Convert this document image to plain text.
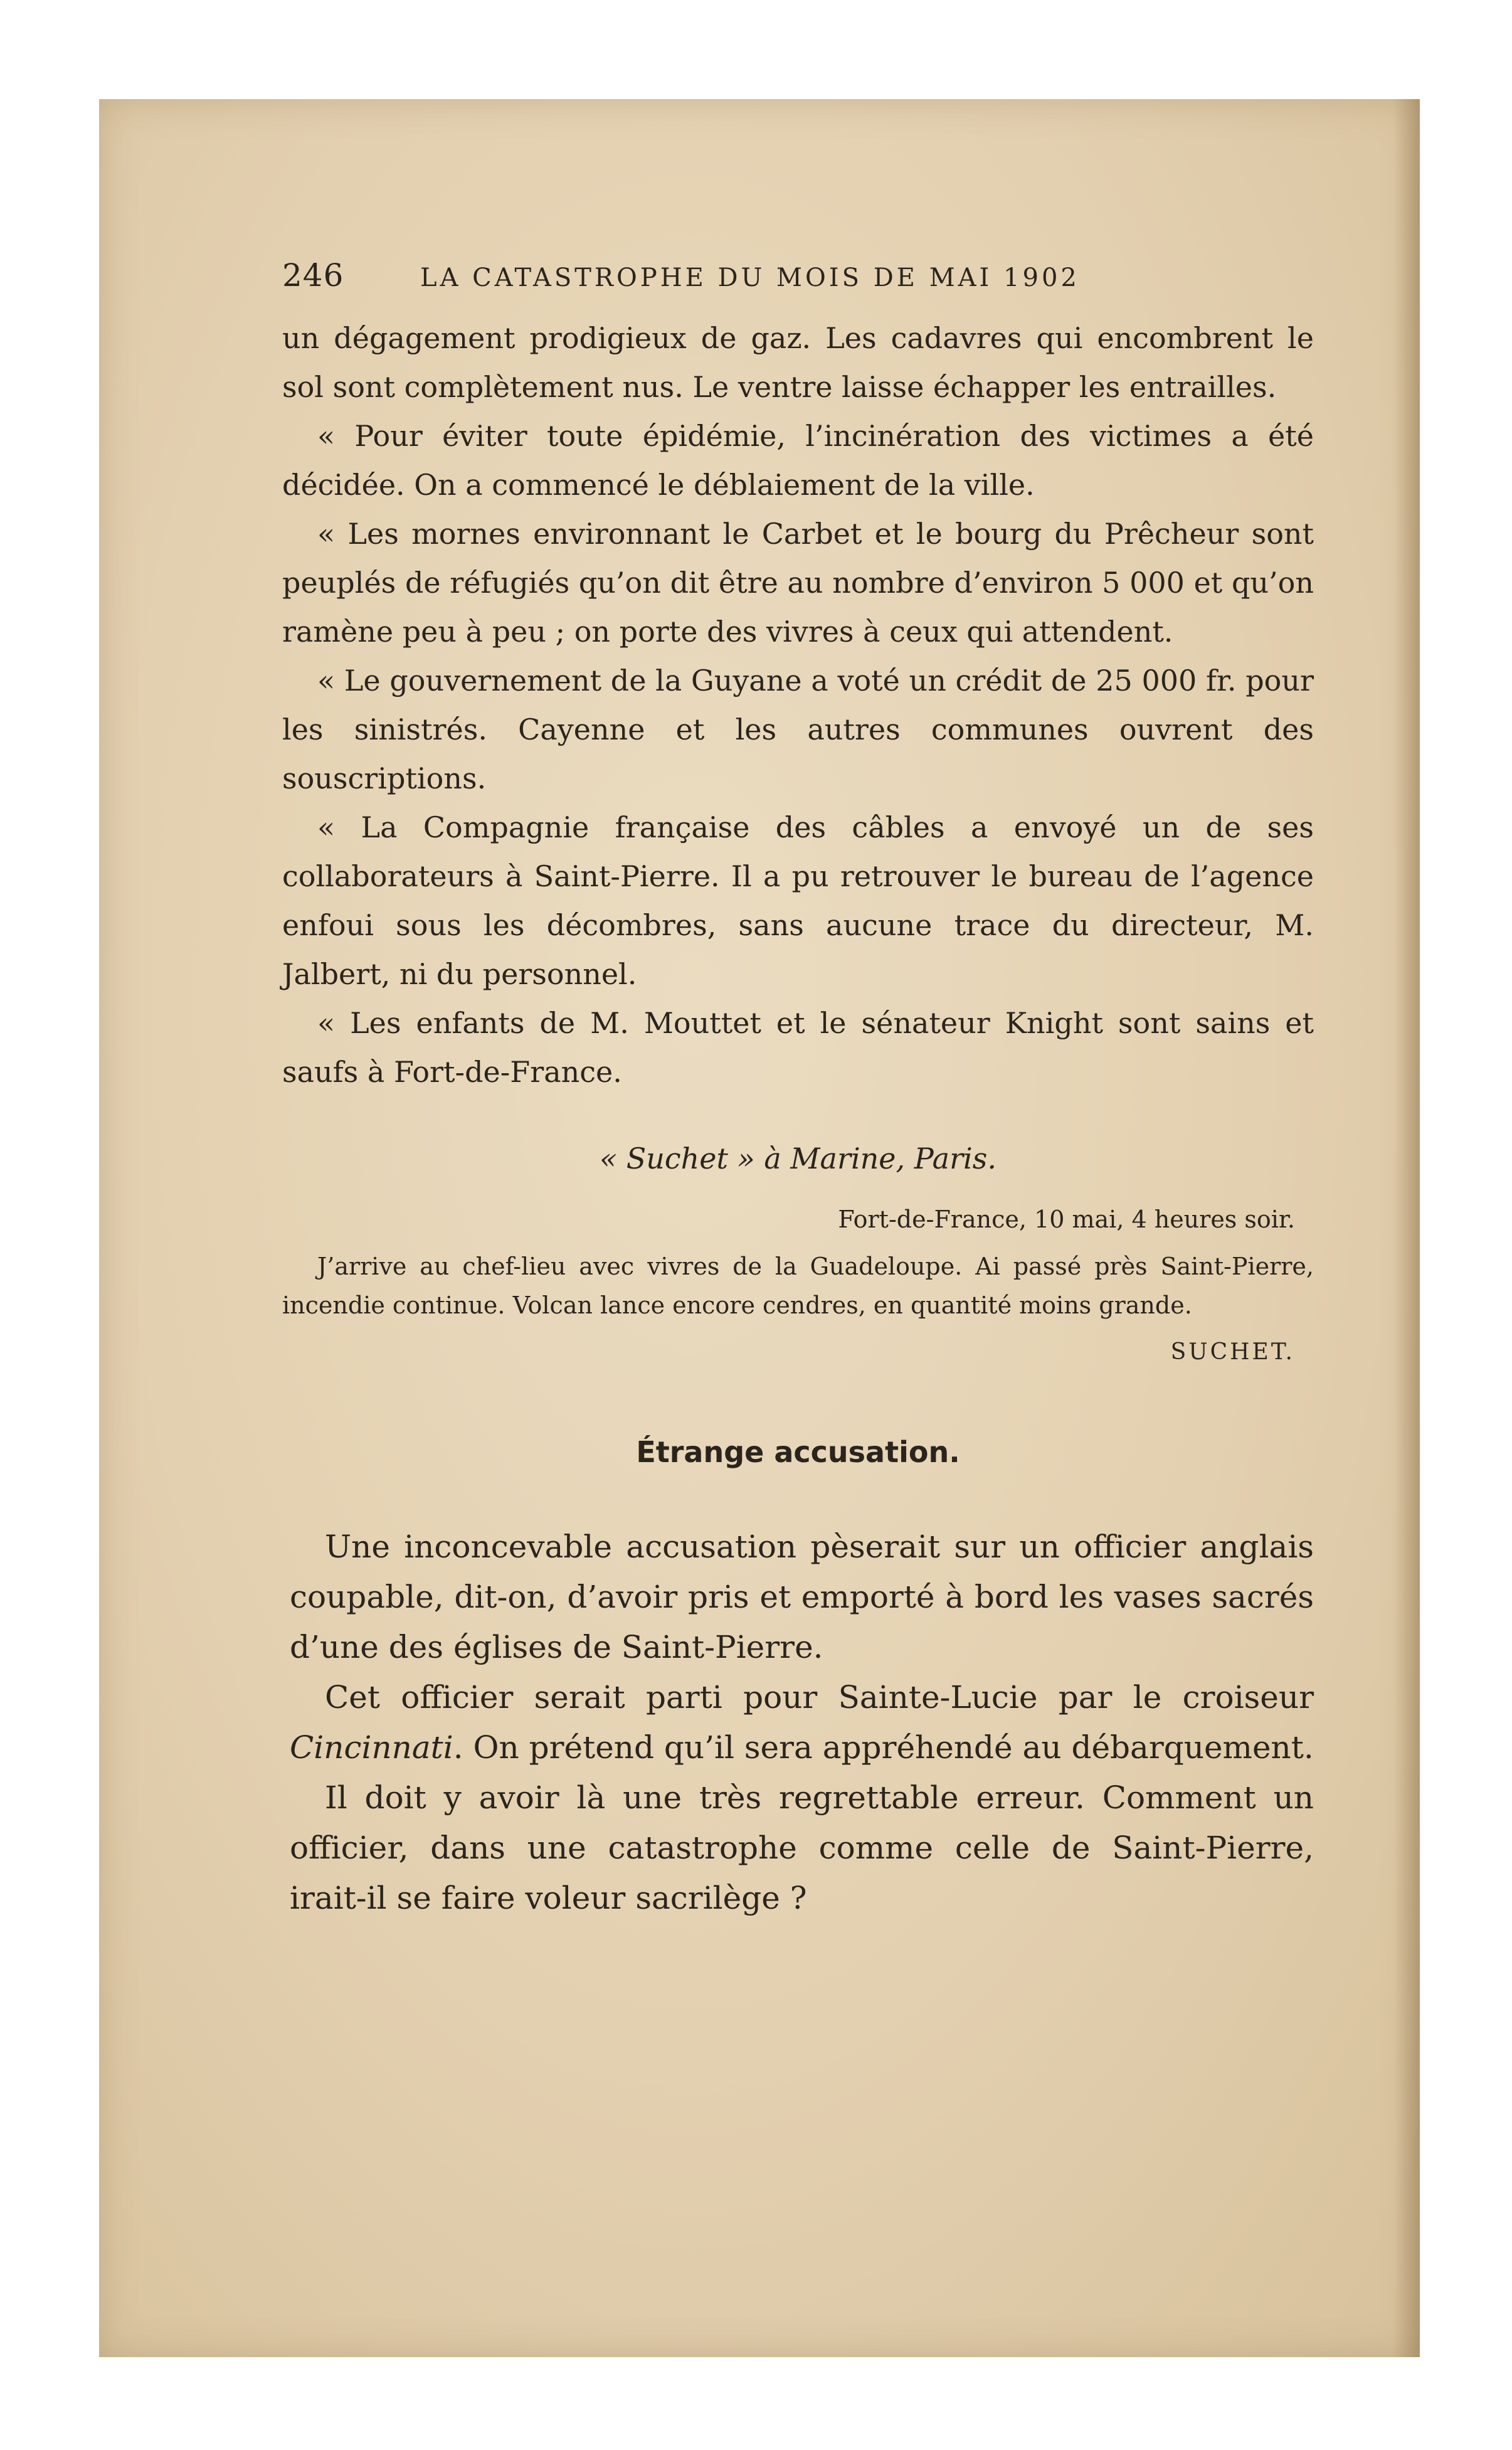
246	LA CATASTROPHE DU MOIS DE MAI 1902

un dégagement prodigieux de gaz. Les cadavres qui encombrent le sol sont complètement nus. Le ventre laisse échapper les entrailles.

« Pour éviter toute épidémie, l’incinération des victimes a été décidée. On a commencé le déblaiement de la ville.

« Les mornes environnant le Carbet et le bourg du Prêcheur sont peuplés de réfugiés qu’on dit être au nombre d’environ 5 000 et qu’on ramène peu à peu ; on porte des vivres à ceux qui attendent.

« Le gouvernement de la Guyane a voté un crédit de 25 000 fr. pour les sinistrés. Cayenne et les autres communes ouvrent des souscriptions.

« La Compagnie française des câbles a envoyé un de ses collaborateurs à Saint-Pierre. Il a pu retrouver le bureau de l’agence enfoui sous les décombres, sans aucune trace du directeur, M. Jalbert, ni du personnel.

« Les enfants de M. Mouttet et le sénateur Knight sont sains et saufs à Fort-de-France.

« Suchet » à Marine, Paris.
Fort-de-France, 10 mai, 4 heures soir.

J’arrive au chef-lieu avec vivres de la Guadeloupe. Ai passé près Saint-Pierre, incendie continue. Volcan lance encore cendres, en quantité moins grande.

SUCHET.
Étrange accusation.

Une inconcevable accusation pèserait sur un officier anglais coupable, dit-on, d’avoir pris et emporté à bord les vases sacrés d’une des églises de Saint-Pierre.

Cet officier serait parti pour Sainte-Lucie par le croiseur Cincinnati. On prétend qu’il sera appréhendé au débarquement.

Il doit y avoir là une très regrettable erreur. Comment un officier, dans une catastrophe comme celle de Saint-Pierre, irait-il se faire voleur sacrilège ?
